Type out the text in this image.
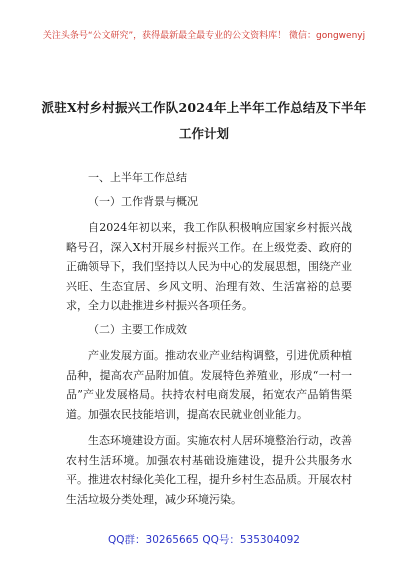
关注头条号“公文研究”，获得最新最全最专业的公文资料库！ 微信：gongwenyj
派驻X村乡村振兴工作队2024年上半年工作总结及下半年
工作计划

一、上半年工作总结

（一）工作背景与概况

自2024年初以来，我工作队积极响应国家乡村振兴战略号召，深入X村开展乡村振兴工作。在上级党委、政府的正确领导下，我们坚持以人民为中心的发展思想，围绕产业兴旺、生态宜居、乡风文明、治理有效、生活富裕的总要求，全力以赴推进乡村振兴各项任务。

（二）主要工作成效

产业发展方面。推动农业产业结构调整，引进优质种植品种，提高农产品附加值。发展特色养殖业，形成“一村一品”产业发展格局。扶持农村电商发展，拓宽农产品销售渠道。加强农民技能培训，提高农民就业创业能力。

生态环境建设方面。实施农村人居环境整治行动，改善农村生活环境。加强农村基础设施建设，提升公共服务水平。推进农村绿化美化工程，提升乡村生态品质。开展农村生活垃圾分类处理，减少环境污染。

QQ群：30265665 QQ号：535304092
